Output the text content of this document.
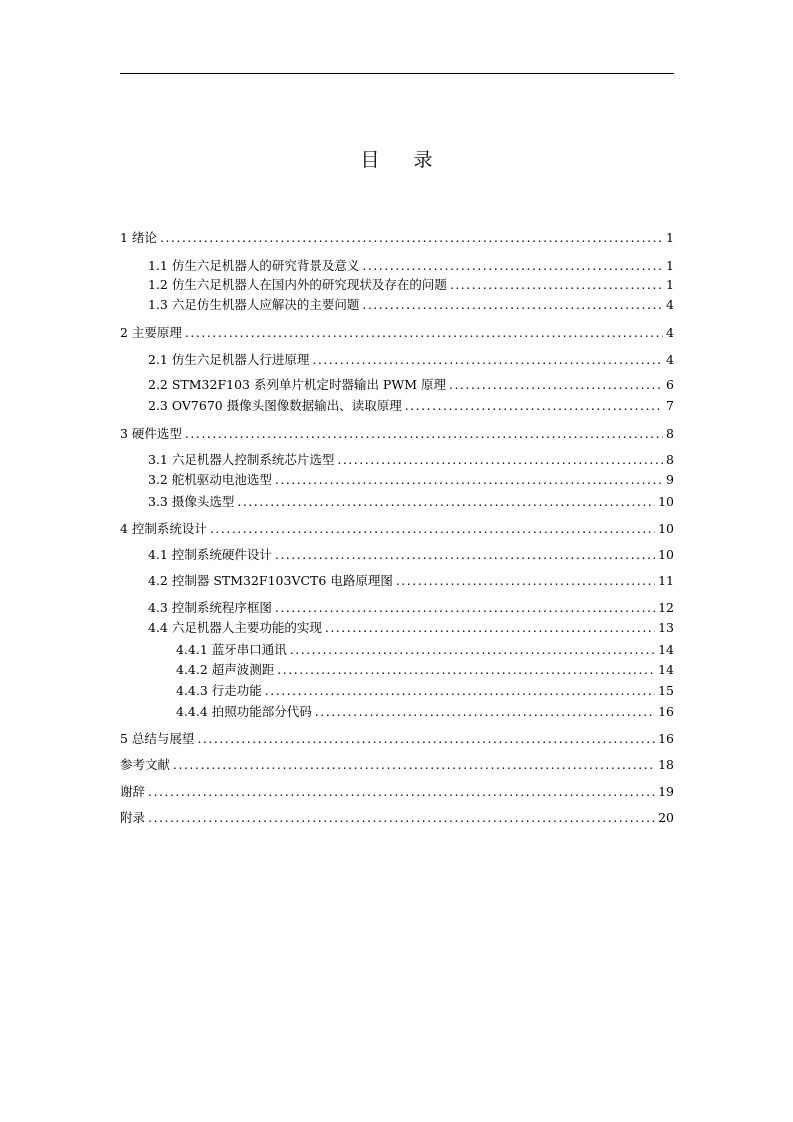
目 录
1 绪论 .....	1
1.1 仿生六足机器人的研究背景及意义 .....	1
1.2 仿生六足机器人在国内外的研究现状及存在的问题 .....	1
1.3 六足仿生机器人应解决的主要问题 .....	4
2 主要原理 .....	4
2.1 仿生六足机器人行进原理 .....	4
2.2 STM32F103 系列单片机定时器输出 PWM 原理 .....	6
2.3 OV7670 摄像头图像数据输出、读取原理 .....	7
3 硬件选型 .....	8
3.1 六足机器人控制系统芯片选型 .....	8
3.2 舵机驱动电池选型 .....	9
3.3 摄像头选型 .....	10
4 控制系统设计 .....	10
4.1 控制系统硬件设计 .....	10
4.2 控制器 STM32F103VCT6 电路原理图 .....	11
4.3 控制系统程序框图 .....	12
4.4 六足机器人主要功能的实现 .....	13
4.4.1 蓝牙串口通讯 .....	14
4.4.2 超声波测距 .....	14
4.4.3 行走功能 .....	15
4.4.4 拍照功能部分代码 .....	16
5 总结与展望 .....	16
参考文献 .....	18
谢辞 .....	19
附录 .....	20
